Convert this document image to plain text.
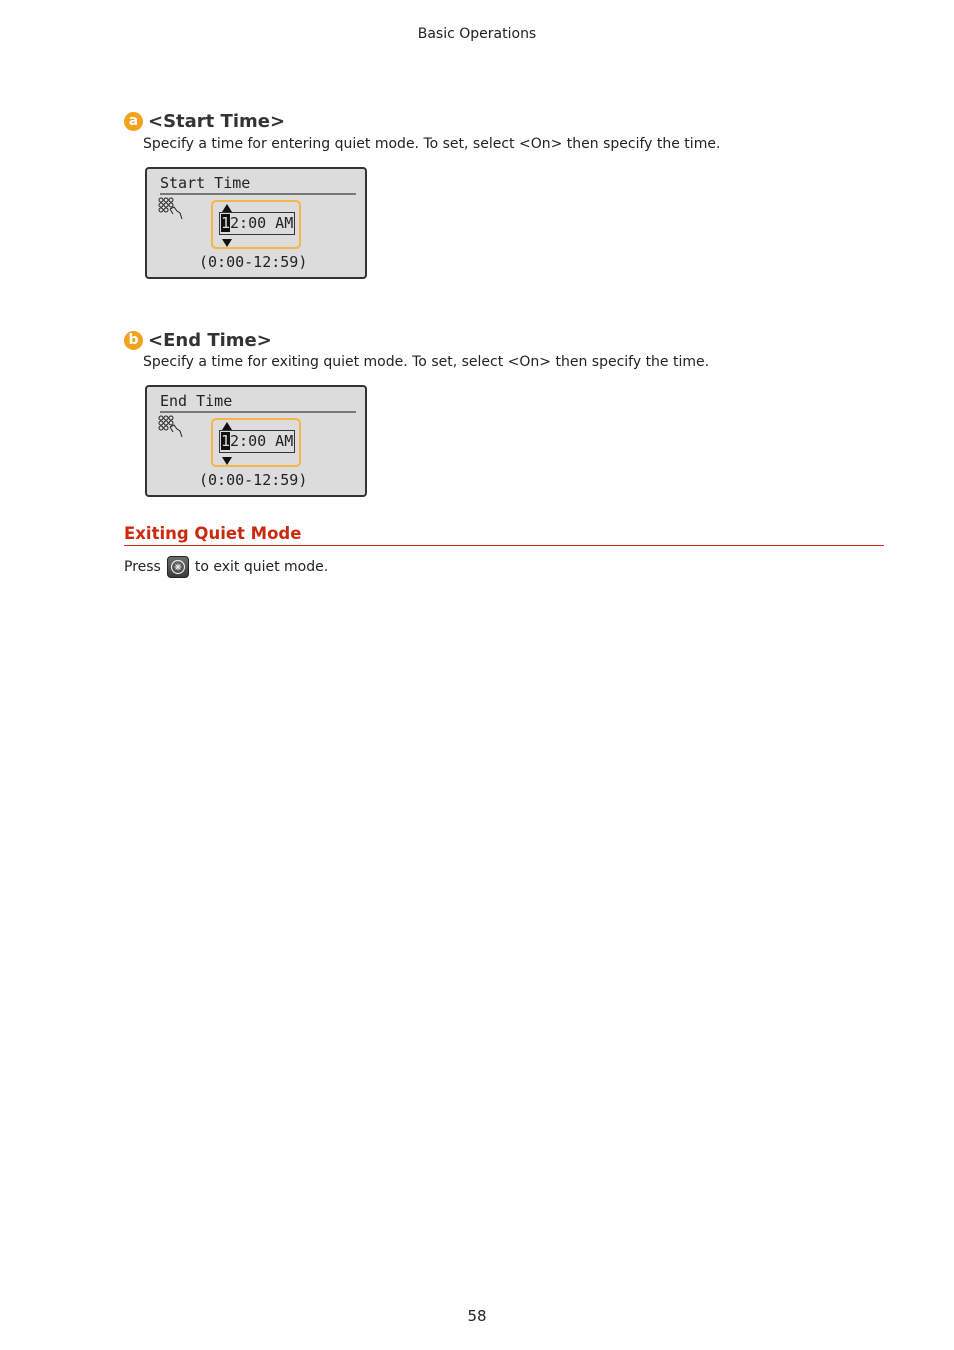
Basic Operations
a <Start Time>
Specify a time for entering quiet mode. To set, select <On> then specify the time.
Start Time
12:00 AM
(0:00-12:59)
b <End Time>
Specify a time for exiting quiet mode. To set, select <On> then specify the time.
End Time
12:00 AM
(0:00-12:59)
Exiting Quiet Mode
Press to exit quiet mode.
58
